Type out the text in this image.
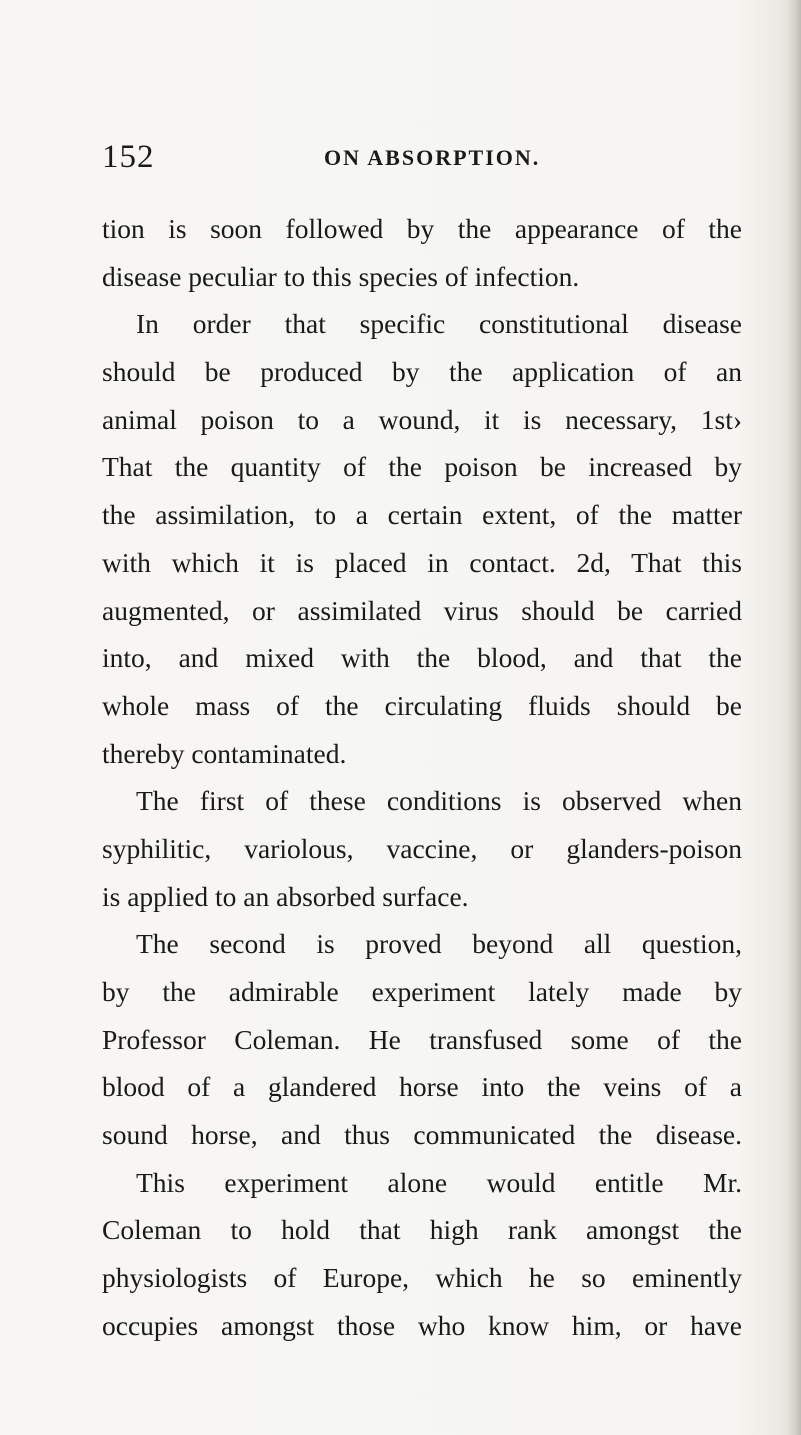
152	ON ABSORPTION.
tion is soon followed by the appearance of the
disease peculiar to this species of infection.
In order that specific constitutional disease
should be produced by the application of an
animal poison to a wound, it is necessary, 1st›
That the quantity of the poison be increased by
the assimilation, to a certain extent, of the matter
with which it is placed in contact. 2d, That this
augmented, or assimilated virus should be carried
into, and mixed with the blood, and that the
whole mass of the circulating fluids should be
thereby contaminated.
The first of these conditions is observed when
syphilitic, variolous, vaccine, or glanders-poison
is applied to an absorbed surface.
The second is proved beyond all question,
by the admirable experiment lately made by
Professor Coleman. He transfused some of the
blood of a glandered horse into the veins of a
sound horse, and thus communicated the disease.
This experiment alone would entitle Mr.
Coleman to hold that high rank amongst the
physiologists of Europe, which he so eminently
occupies amongst those who know him, or have
